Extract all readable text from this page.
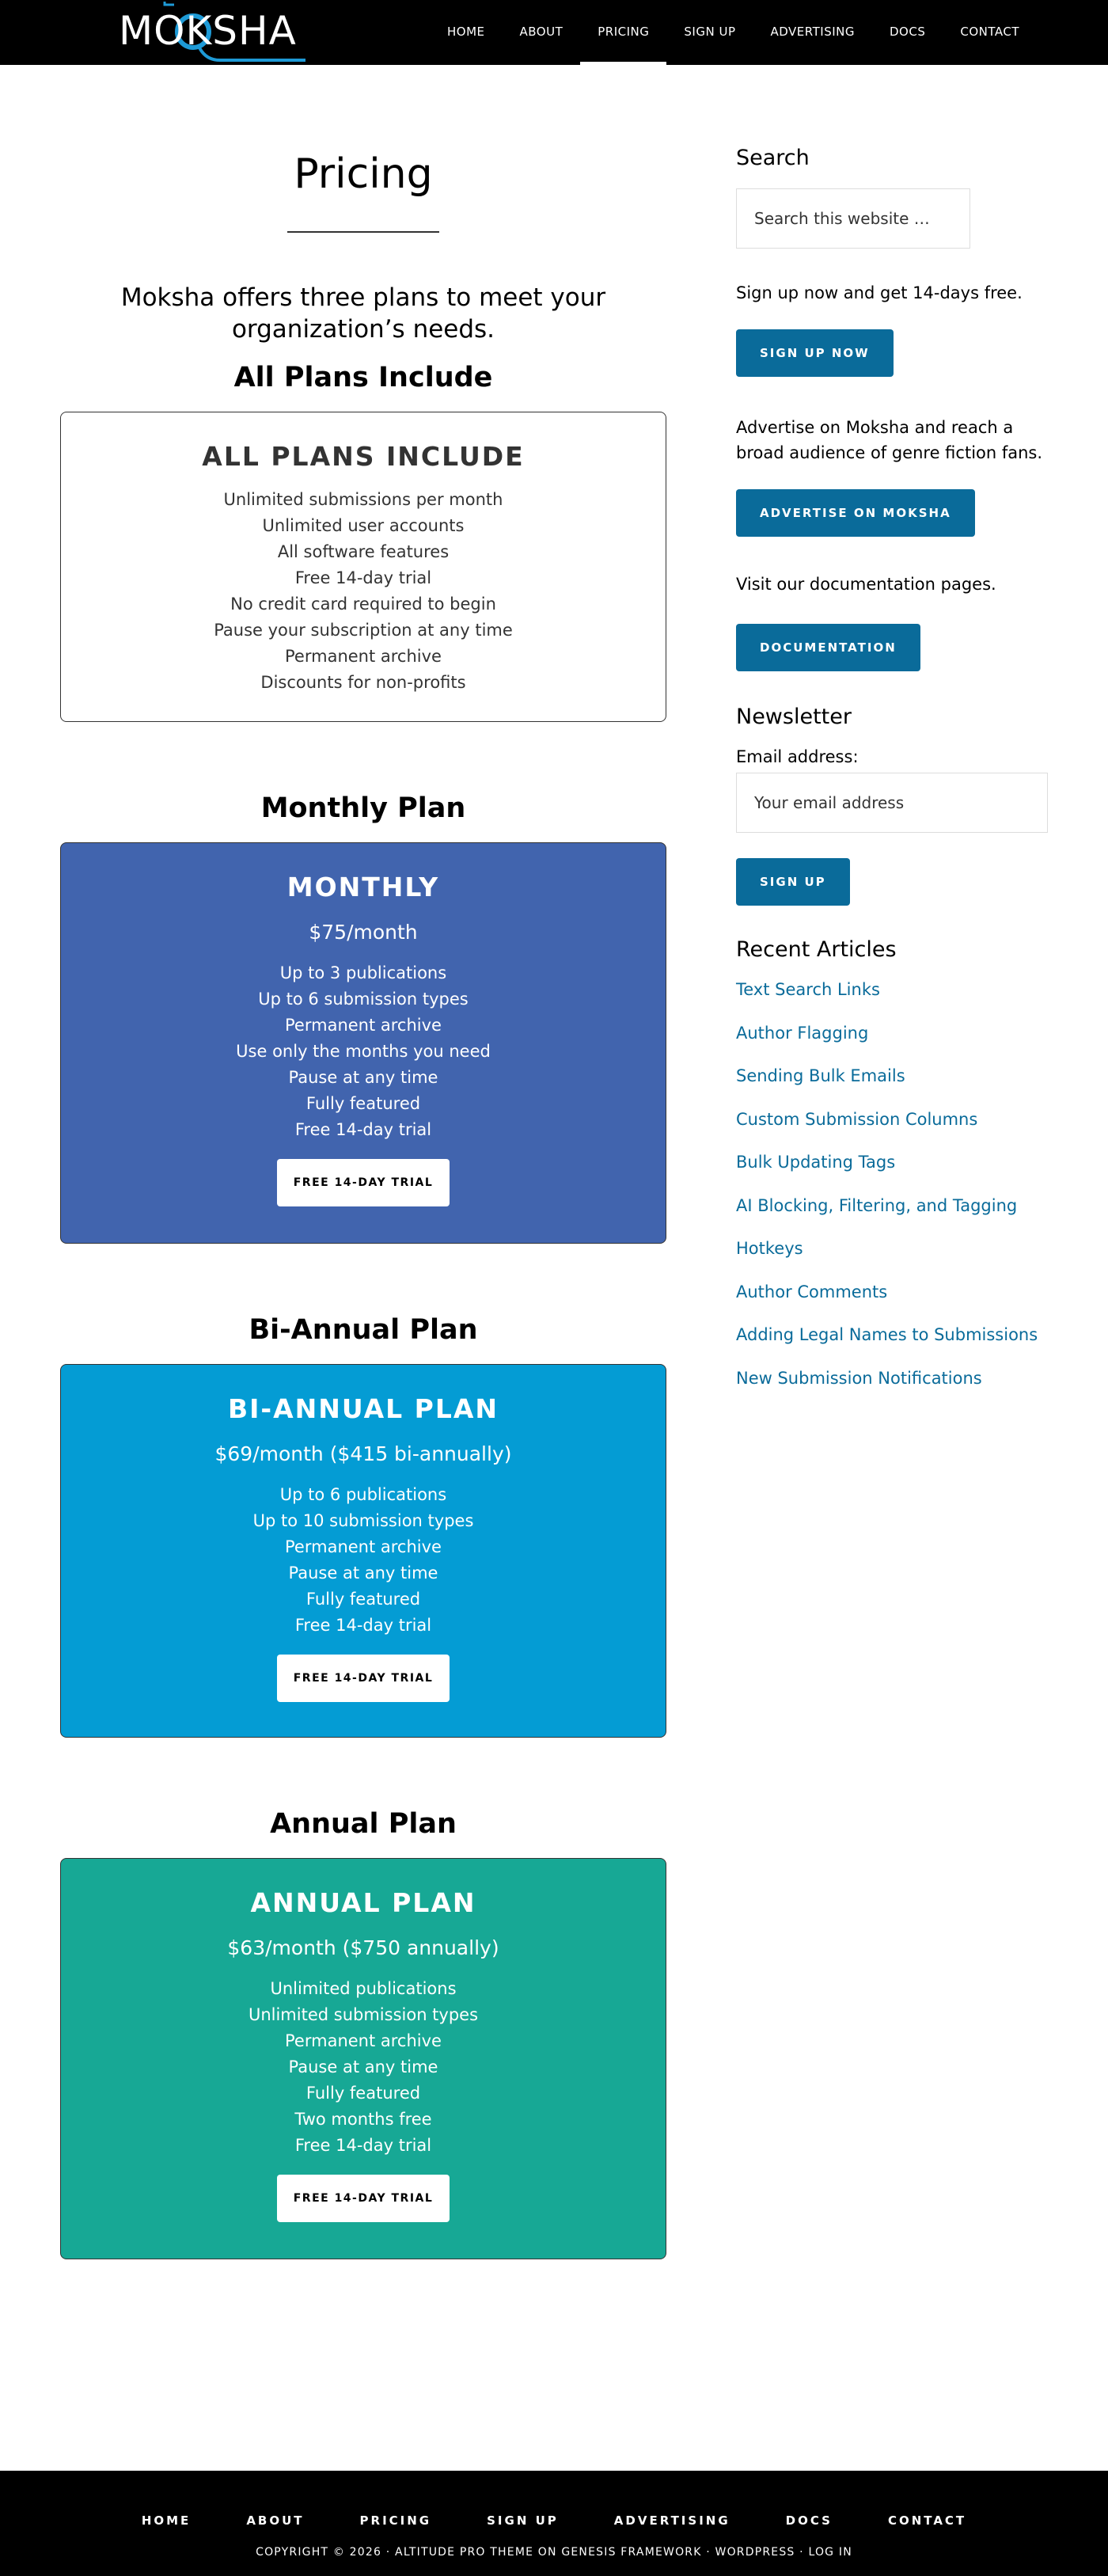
MOKSHA	HOME	ABOUT	PRICING	SIGN UP	ADVERTISING	DOCS	CONTACT
Pricing

Moksha offers three plans to meet your organization’s needs.

All Plans Include
ALL PLANS INCLUDE
Unlimited submissions per month
Unlimited user accounts
All software features
Free 14-day trial
No credit card required to begin
Pause your subscription at any time
Permanent archive
Discounts for non-profits
Monthly Plan
MONTHLY
$75/month
Up to 3 publications
Up to 6 submission types
Permanent archive
Use only the months you need
Pause at any time
Fully featured
Free 14-day trial
FREE 14-DAY TRIAL
Bi-Annual Plan
BI-ANNUAL PLAN
$69/month ($415 bi-annually)
Up to 6 publications
Up to 10 submission types
Permanent archive
Pause at any time
Fully featured
Free 14-day trial
FREE 14-DAY TRIAL
Annual Plan
ANNUAL PLAN
$63/month ($750 annually)
Unlimited publications
Unlimited submission types
Permanent archive
Pause at any time
Fully featured
Two months free
Free 14-day trial
FREE 14-DAY TRIAL
Search
Search this website …

Sign up now and get 14-days free.

SIGN UP NOW

Advertise on Moksha and reach a broad audience of genre fiction fans.

ADVERTISE ON MOKSHA

Visit our documentation pages.

DOCUMENTATION
Newsletter

Email address:

Your email address
SIGN UP
Recent Articles
Text Search Links
Author Flagging
Sending Bulk Emails
Custom Submission Columns
Bulk Updating Tags
AI Blocking, Filtering, and Tagging
Hotkeys
Author Comments
Adding Legal Names to Submissions
New Submission Notifications
HOME	ABOUT	PRICING	SIGN UP	ADVERTISING	DOCS	CONTACT
COPYRIGHT © 2026 · ALTITUDE PRO THEME ON GENESIS FRAMEWORK · WORDPRESS · LOG IN
